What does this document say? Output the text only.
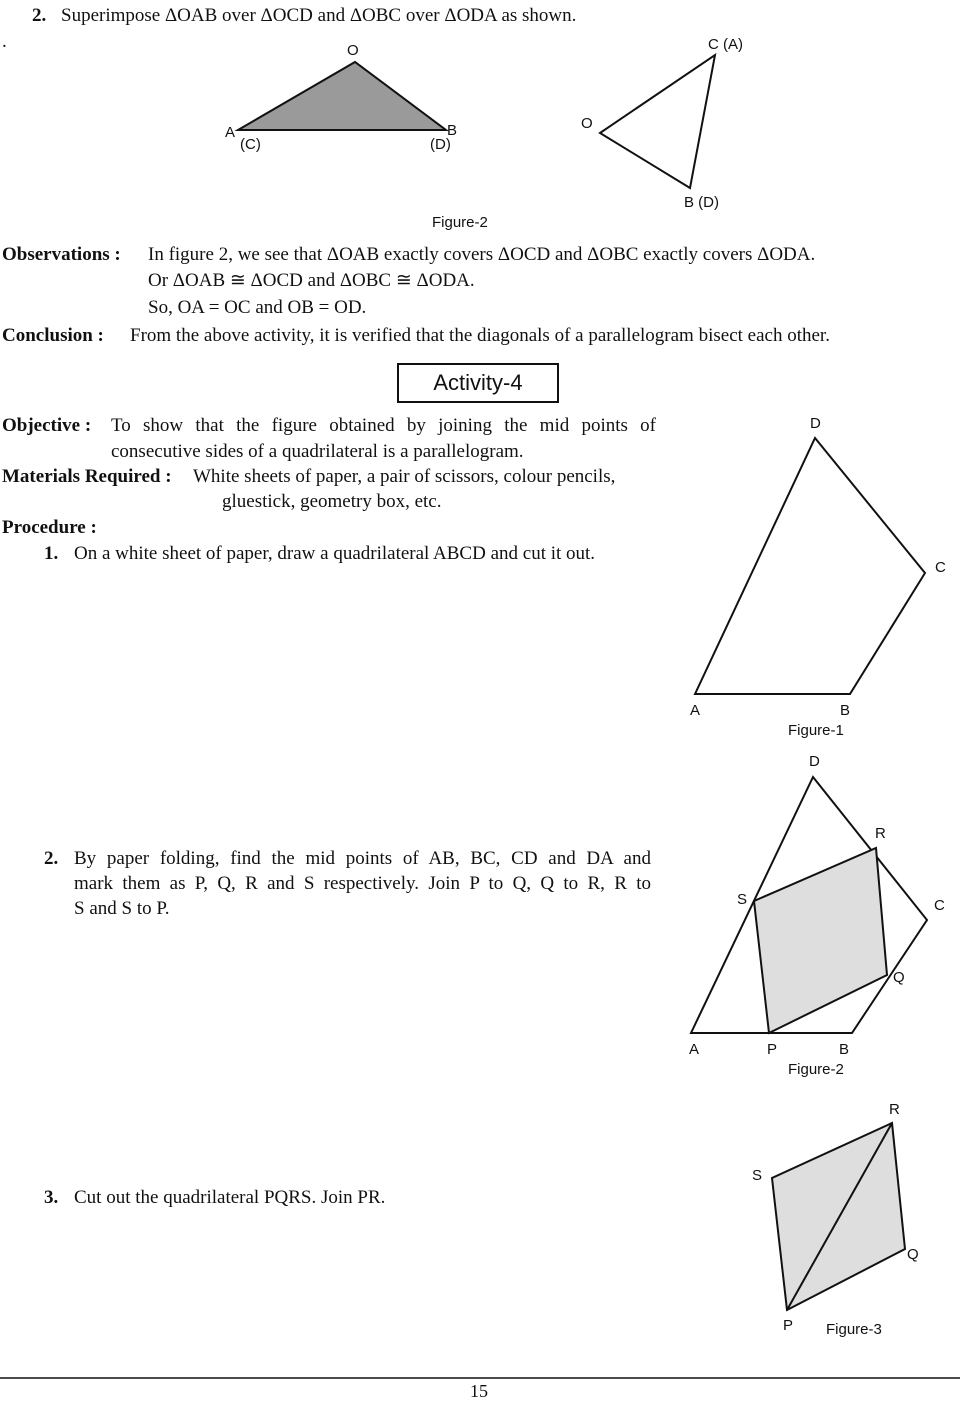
2. Superimpose ΔOAB over ΔOCD and ΔOBC over ΔODA as shown.
.	O
A
(C)
B
(D)
C (A)
O
B (D)
Figure-2
Observations : In figure 2, we see that ΔOAB exactly covers ΔOCD and ΔOBC exactly covers ΔODA.
Or ΔOAB ≅ ΔOCD and ΔOBC ≅ ΔODA.
So, OA = OC and OB = OD.
Conclusion : From the above activity, it is verified that the diagonals of a parallelogram bisect each other.
Activity-4
Objective : To show that the figure obtained by joining the mid points of
consecutive sides of a quadrilateral is a parallelogram.
Materials Required : White sheets of paper, a pair of scissors, colour pencils,
gluestick, geometry box, etc.
Procedure :
1. On a white sheet of paper, draw a quadrilateral ABCD and cut it out.
2. By paper folding, find the mid points of AB, BC, CD and DA and
mark them as P, Q, R and S respectively. Join P to Q, Q to R, R to
S and S to P.
3. Cut out the quadrilateral PQRS. Join PR.
D
C
A	B
Figure-1
D
R
S	C
Q
A	P	B
Figure-2
R
S
Q
P Figure-3
15
